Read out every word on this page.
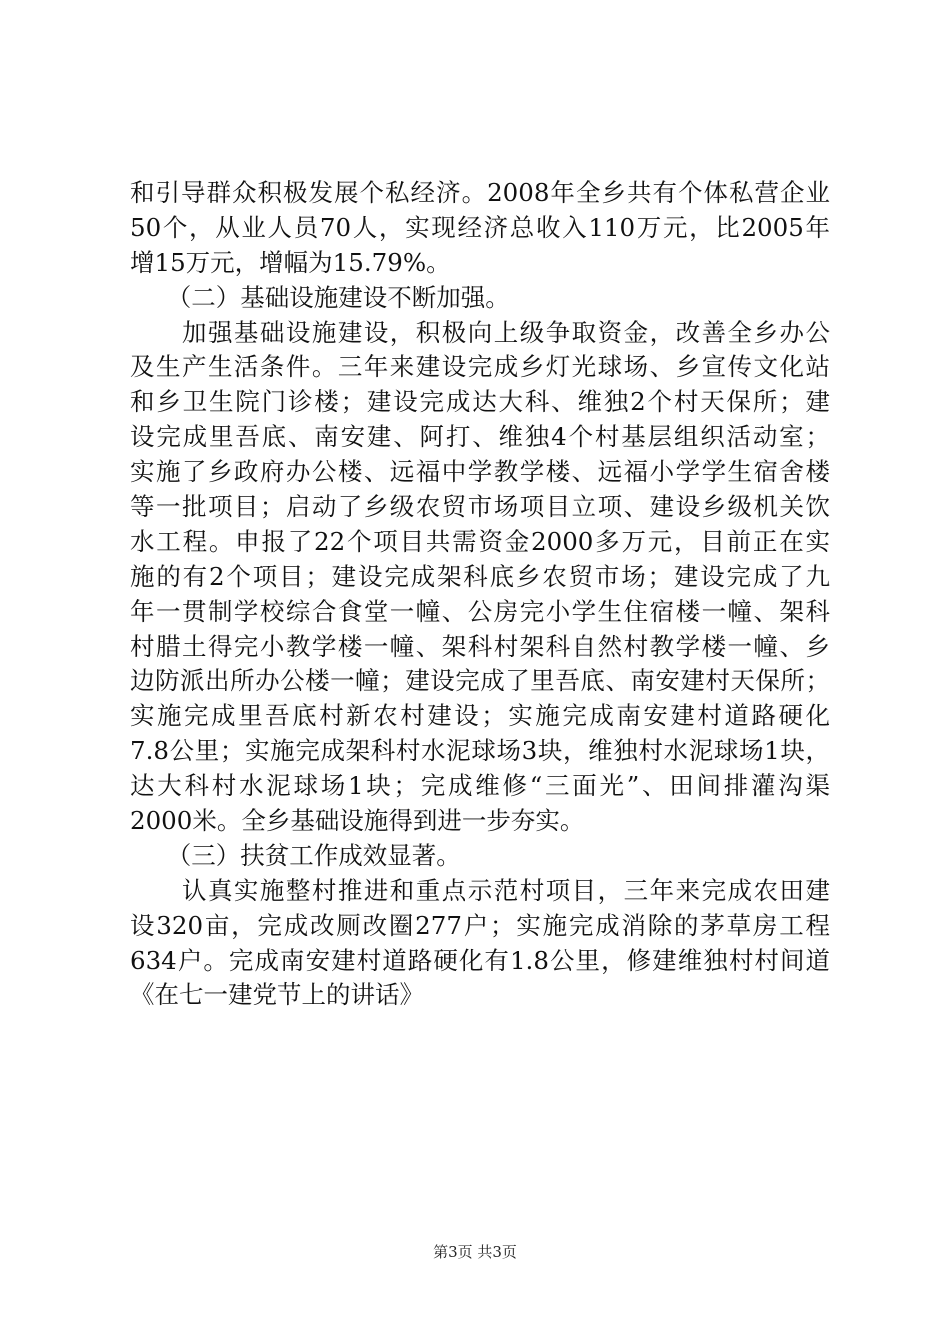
和引导群众积极发展个私经济。2008年全乡共有个体私营企业
50个，从业人员70人，实现经济总收入110万元，比2005年
增15万元，增幅为15.79%。
　　（二）基础设施建设不断加强。
　　加强基础设施建设，积极向上级争取资金，改善全乡办公
及生产生活条件。三年来建设完成乡灯光球场、乡宣传文化站
和乡卫生院门诊楼；建设完成达大科、维独2个村天保所；建
设完成里吾底、南安建、阿打、维独4个村基层组织活动室；
实施了乡政府办公楼、远福中学教学楼、远福小学学生宿舍楼
等一批项目；启动了乡级农贸市场项目立项、建设乡级机关饮
水工程。申报了22个项目共需资金2000多万元，目前正在实
施的有2个项目；建设完成架科底乡农贸市场；建设完成了九
年一贯制学校综合食堂一幢、公房完小学生住宿楼一幢、架科
村腊土得完小教学楼一幢、架科村架科自然村教学楼一幢、乡
边防派出所办公楼一幢；建设完成了里吾底、南安建村天保所；
实施完成里吾底村新农村建设；实施完成南安建村道路硬化
7.8公里；实施完成架科村水泥球场3块，维独村水泥球场1块，
达大科村水泥球场1块；完成维修“三面光”、田间排灌沟渠
2000米。全乡基础设施得到进一步夯实。
　　（三）扶贫工作成效显著。
　　认真实施整村推进和重点示范村项目，三年来完成农田建
设320亩，完成改厕改圈277户；实施完成消除的茅草房工程
634户。完成南安建村道路硬化有1.8公里，修建维独村村间道
《在七一建党节上的讲话》
第3页 共3页
